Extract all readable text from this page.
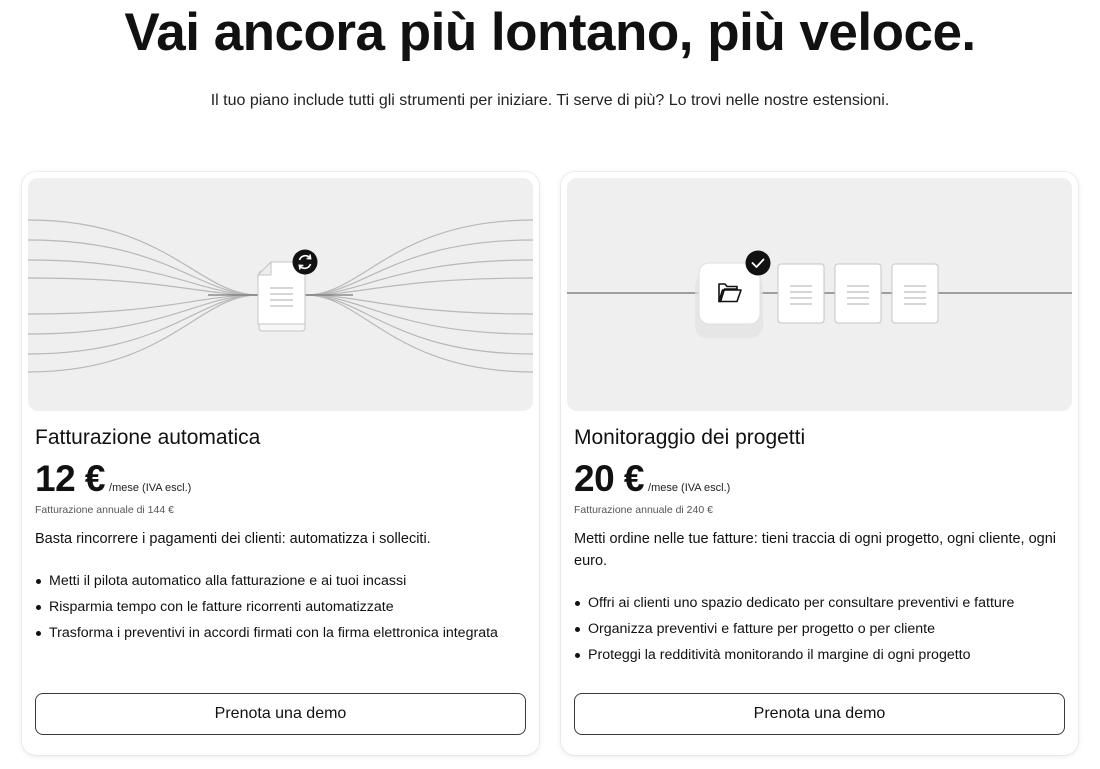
Vai ancora più lontano, più veloce.

Il tuo piano include tutti gli strumenti per iniziare. Ti serve di più? Lo trovi nelle nostre estensioni.

Fatturazione automatica
12 € /mese (IVA escl.)
Fatturazione annuale di 144 €

Basta rincorrere i pagamenti dei clienti: automatizza i solleciti.

Metti il pilota automatico alla fatturazione e ai tuoi incassi
Risparmia tempo con le fatture ricorrenti automatizzate
Trasforma i preventivi in accordi firmati con la firma elettronica integrata
Prenota una demo
Monitoraggio dei progetti
20 € /mese (IVA escl.)
Fatturazione annuale di 240 €

Metti ordine nelle tue fatture: tieni traccia di ogni progetto, ogni cliente, ogni euro.

Offri ai clienti uno spazio dedicato per consultare preventivi e fatture
Organizza preventivi e fatture per progetto o per cliente
Proteggi la redditività monitorando il margine di ogni progetto
Prenota una demo
